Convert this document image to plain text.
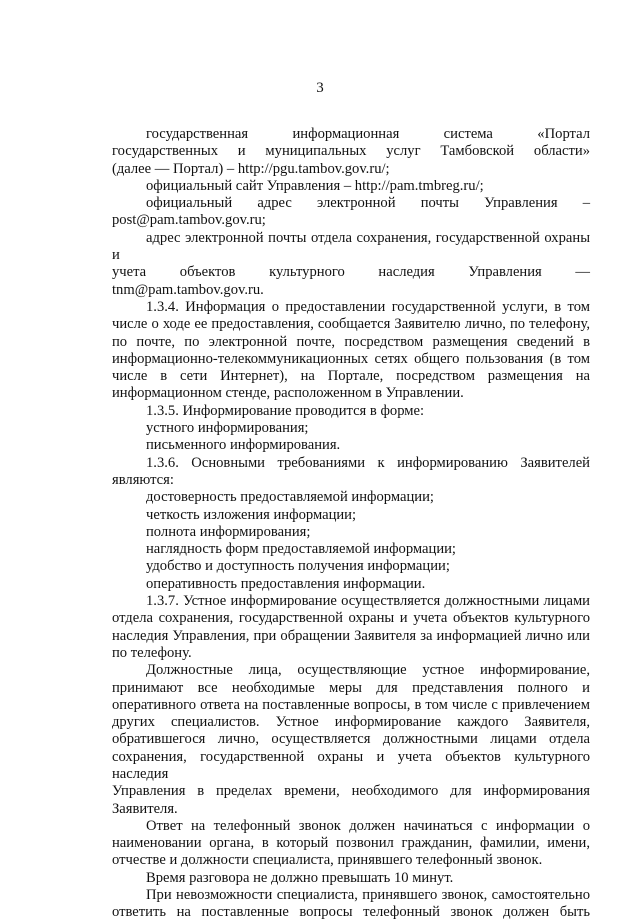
3

государственная информационная система «Портал

государственных и муниципальных услуг Тамбовской области»

(далее — Портал) – http://pgu.tambov.gov.ru/;

официальный сайт Управления – http://pam.tmbreg.ru/;

официальный адрес электронной почты Управления –

post@pam.tambov.gov.ru;

адрес электронной почты отдела сохранения, государственной охраны и

учета объектов культурного наследия Управления — tnm@pam.tambov.gov.ru.

1.3.4. Информация о предоставлении государственной услуги, в том

числе о ходе ее предоставления, сообщается Заявителю лично, по телефону,

по почте, по электронной почте, посредством размещения сведений в

информационно-телекоммуникационных сетях общего пользования (в том

числе в сети Интернет), на Портале, посредством размещения на

информационном стенде, расположенном в Управлении.

1.3.5. Информирование проводится в форме:

устного информирования;

письменного информирования.

1.3.6. Основными требованиями к информированию Заявителей

являются:

достоверность предоставляемой информации;

четкость изложения информации;

полнота информирования;

наглядность форм предоставляемой информации;

удобство и доступность получения информации;

оперативность предоставления информации.

1.3.7. Устное информирование осуществляется должностными лицами

отдела сохранения, государственной охраны и учета объектов культурного

наследия Управления, при обращении Заявителя за информацией лично или

по телефону.

Должностные лица, осуществляющие устное информирование,

принимают все необходимые меры для представления полного и

оперативного ответа на поставленные вопросы, в том числе с привлечением

других специалистов. Устное информирование каждого Заявителя,

обратившегося лично, осуществляется должностными лицами отдела

сохранения, государственной охраны и учета объектов культурного наследия

Управления в пределах времени, необходимого для информирования

Заявителя.

Ответ на телефонный звонок должен начинаться с информации о

наименовании органа, в который позвонил гражданин, фамилии, имени,

отчестве и должности специалиста, принявшего телефонный звонок.

Время разговора не должно превышать 10 минут.

При невозможности специалиста, принявшего звонок, самостоятельно

ответить на поставленные вопросы телефонный звонок должен быть
